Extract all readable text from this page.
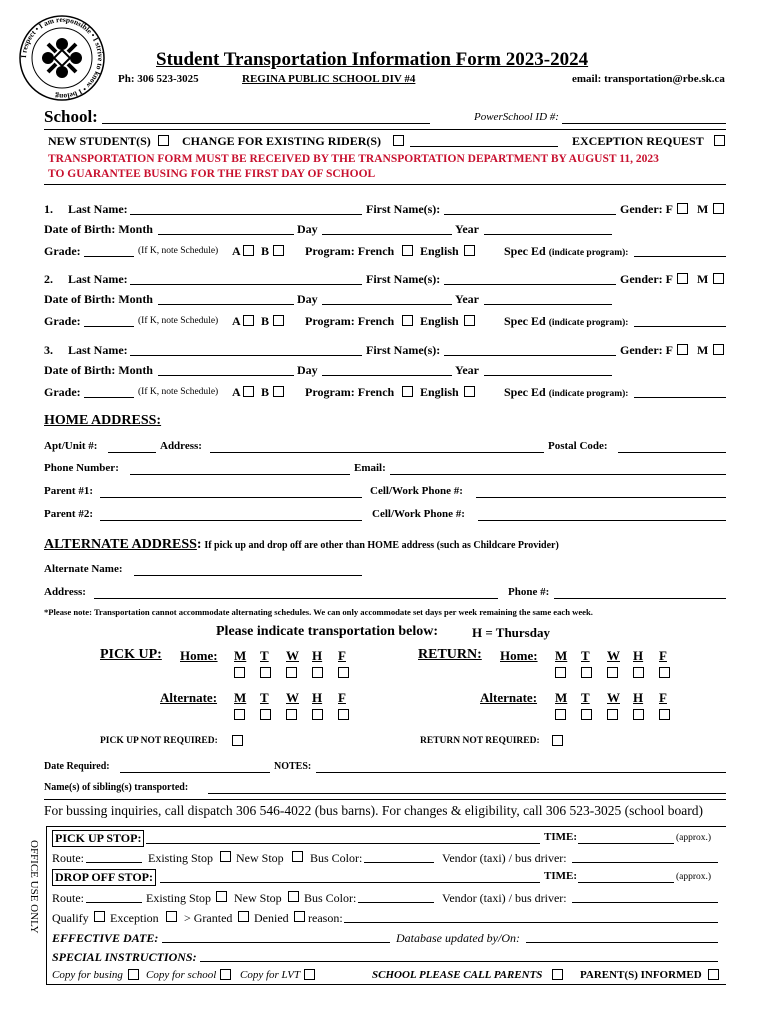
I respect • I am responsible • I strive to know • I belong
Student Transportation Information Form 2023-2024
Ph: 306 523-3025	REGINA PUBLIC SCHOOL DIV #4	email: transportation@rbe.sk.ca
School:	PowerSchool ID #:
NEW STUDENT(S)	CHANGE FOR EXISTING RIDER(S)	EXCEPTION REQUEST
TRANSPORTATION FORM MUST BE RECEIVED BY THE TRANSPORTATION DEPARTMENT BY AUGUST 11, 2023
TO GUARANTEE BUSING FOR THE FIRST DAY OF SCHOOL
1. Last Name:	First Name(s):	Gender: F M
Date of Birth: Month	Day	Year
Grade:	(If K, note Schedule) A B	Program: French English	Spec Ed (indicate program):
2. Last Name:	First Name(s):	Gender: F M
Date of Birth: Month	Day	Year
Grade:	(If K, note Schedule) A B	Program: French English	Spec Ed (indicate program):
3. Last Name:	First Name(s):	Gender: F M
Date of Birth: Month	Day	Year
Grade:	(If K, note Schedule) A B	Program: French English	Spec Ed (indicate program):
HOME ADDRESS:
Apt/Unit #:	Address:	Postal Code:
Phone Number:	Email:
Parent #1:	Cell/Work Phone #:
Parent #2:	Cell/Work Phone #:
ALTERNATE ADDRESS: If pick up and drop off are other than HOME address (such as Childcare Provider)
Alternate Name:
Address:	Phone #:
*Please note: Transportation cannot accommodate alternating schedules. We can only accommodate set days per week remaining the same each week.
Please indicate transportation below:	H = Thursday
PICK UP: Home:	RETURN: Home:
Alternate:	Alternate:
M T W H F	M T W H F
M T W H F	M T W H F
PICK UP NOT REQUIRED:	RETURN NOT REQUIRED:
Date Required:	NOTES:
Name(s) of sibling(s) transported:
For bussing inquiries, call dispatch 306 546-4022 (bus barns). For changes & eligibility, call 306 523-3025 (school board)
OFFICE USE ONLY
PICK UP STOP:	TIME:	(approx.)
Route:	Existing Stop New Stop Bus Color:	Vendor (taxi) / bus driver:
DROP OFF STOP:	TIME:	(approx.)
Route:	Existing Stop New Stop Bus Color:	Vendor (taxi) / bus driver:
Qualify Exception > Granted Denied reason:
EFFECTIVE DATE:	Database updated by/On:
SPECIAL INSTRUCTIONS:
Copy for busing Copy for school Copy for LVT	SCHOOL PLEASE CALL PARENTS	PARENT(S) INFORMED
